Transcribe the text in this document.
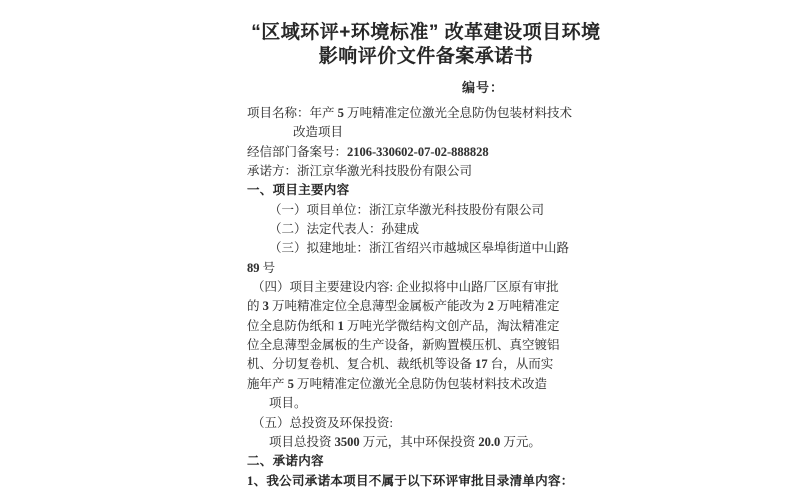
“区域环评+环境标准” 改革建设项目环境
影响评价文件备案承诺书
编号：
项目名称：年产 5 万吨精准定位激光全息防伪包装材料技术
改造项目
经信部门备案号：2106-330602-07-02-888828
承诺方：浙江京华激光科技股份有限公司
一、项目主要内容
（一）项目单位：浙江京华激光科技股份有限公司
（二）法定代表人：孙建成
（三）拟建地址：浙江省绍兴市越城区皋埠街道中山路
89 号
（四）项目主要建设内容: 企业拟将中山路厂区原有审批
的 3 万吨精准定位全息薄型金属板产能改为 2 万吨精准定
位全息防伪纸和 1 万吨光学微结构文创产品，淘汰精准定
位全息薄型金属板的生产设备，新购置模压机、真空镀铝
机、分切复卷机、复合机、裁纸机等设备 17 台，从而实
施年产 5 万吨精准定位激光全息防伪包装材料技术改造
项目。
（五）总投资及环保投资:
项目总投资 3500 万元，其中环保投资 20.0 万元。
二、承诺内容
1、我公司承诺本项目不属于以下环评审批目录清单内容：
